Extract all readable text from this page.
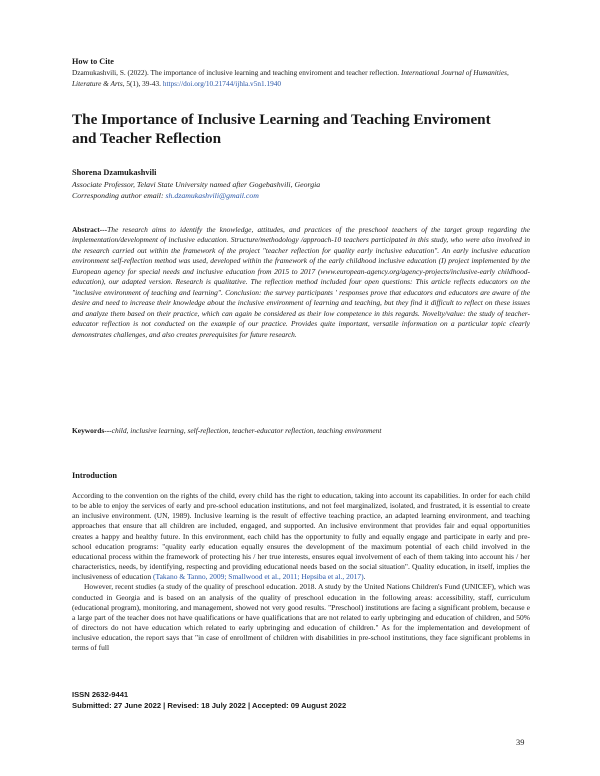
How to Cite
Dzamukashvili, S. (2022). The importance of inclusive learning and teaching enviroment and teacher reflection. International Journal of Humanities, Literature & Arts, 5(1), 39-43. https://doi.org/10.21744/ijhla.v5n1.1940
The Importance of Inclusive Learning and Teaching Enviroment and Teacher Reflection
Shorena Dzamukashvili
Associate Professor, Telavi State University named after Gogebashvili, Georgia
Corresponding author email: sh.dzamukashvili@gmail.com
Abstract---The research aims to identify the knowledge, attitudes, and practices of the preschool teachers of the target group regarding the implementation/development of inclusive education. Structure/methodology /approach-10 teachers participated in this study, who were also involved in the research carried out within the framework of the project "teacher reflection for quality early inclusive education". An early inclusive education environment self-reflection method was used, developed within the framework of the early childhood inclusive education (I) project implemented by the European agency for special needs and inclusive education from 2015 to 2017 (www.european-agency.org/agency-projects/inclusive-early childhood-education), our adapted version. Research is qualitative. The reflection method included four open questions: This article reflects educators on the "inclusive environment of teaching and learning". Conclusion: the survey participants ' responses prove that educators and educators are aware of the desire and need to increase their knowledge about the inclusive environment of learning and teaching, but they find it difficult to reflect on these issues and analyze them based on their practice, which can again be considered as their low competence in this regards. Novelty/value: the study of teacher-educator reflection is not conducted on the example of our practice. Provides quite important, versatile information on a particular topic clearly demonstrates challenges, and also creates prerequisites for future research.
Keywords---child, inclusive learning, self-reflection, teacher-educator reflection, teaching environment
Introduction

According to the convention on the rights of the child, every child has the right to education, taking into account its capabilities. In order for each child to be able to enjoy the services of early and pre-school education institutions, and not feel marginalized, isolated, and frustrated, it is essential to create an inclusive environment. (UN, 1989). Inclusive learning is the result of effective teaching practice, an adapted learning environment, and teaching approaches that ensure that all children are included, engaged, and supported. An inclusive environment that provides fair and equal opportunities creates a happy and healthy future. In this environment, each child has the opportunity to fully and equally engage and participate in early and pre-school education programs: "quality early education equally ensures the development of the maximum potential of each child involved in the educational process within the framework of protecting his / her true interests, ensures equal involvement of each of them taking into account his / her characteristics, needs, by identifying, respecting and providing educational needs based on the social situation". Quality education, in itself, implies the inclusiveness of education (Takano & Tanno, 2009; Smallwood et al., 2011; Hepsiba et al., 2017).

However, recent studies (a study of the quality of preschool education. 2018. A study by the United Nations Children's Fund (UNICEF), which was conducted in Georgia and is based on an analysis of the quality of preschool education in the following areas: accessibility, staff, curriculum (educational program), monitoring, and management, showed not very good results. "Preschool) institutions are facing a significant problem, because e a large part of the teacher does not have qualifications or have qualifications that are not related to early upbringing and education of children, and 50% of directors do not have education which related to early upbringing and education of children." As for the implementation and development of inclusive education, the report says that "in case of enrollment of children with disabilities in pre-school institutions, they face significant problems in terms of full

ISSN 2632-9441
Submitted: 27 June 2022 | Revised: 18 July 2022 | Accepted: 09 August 2022
39
